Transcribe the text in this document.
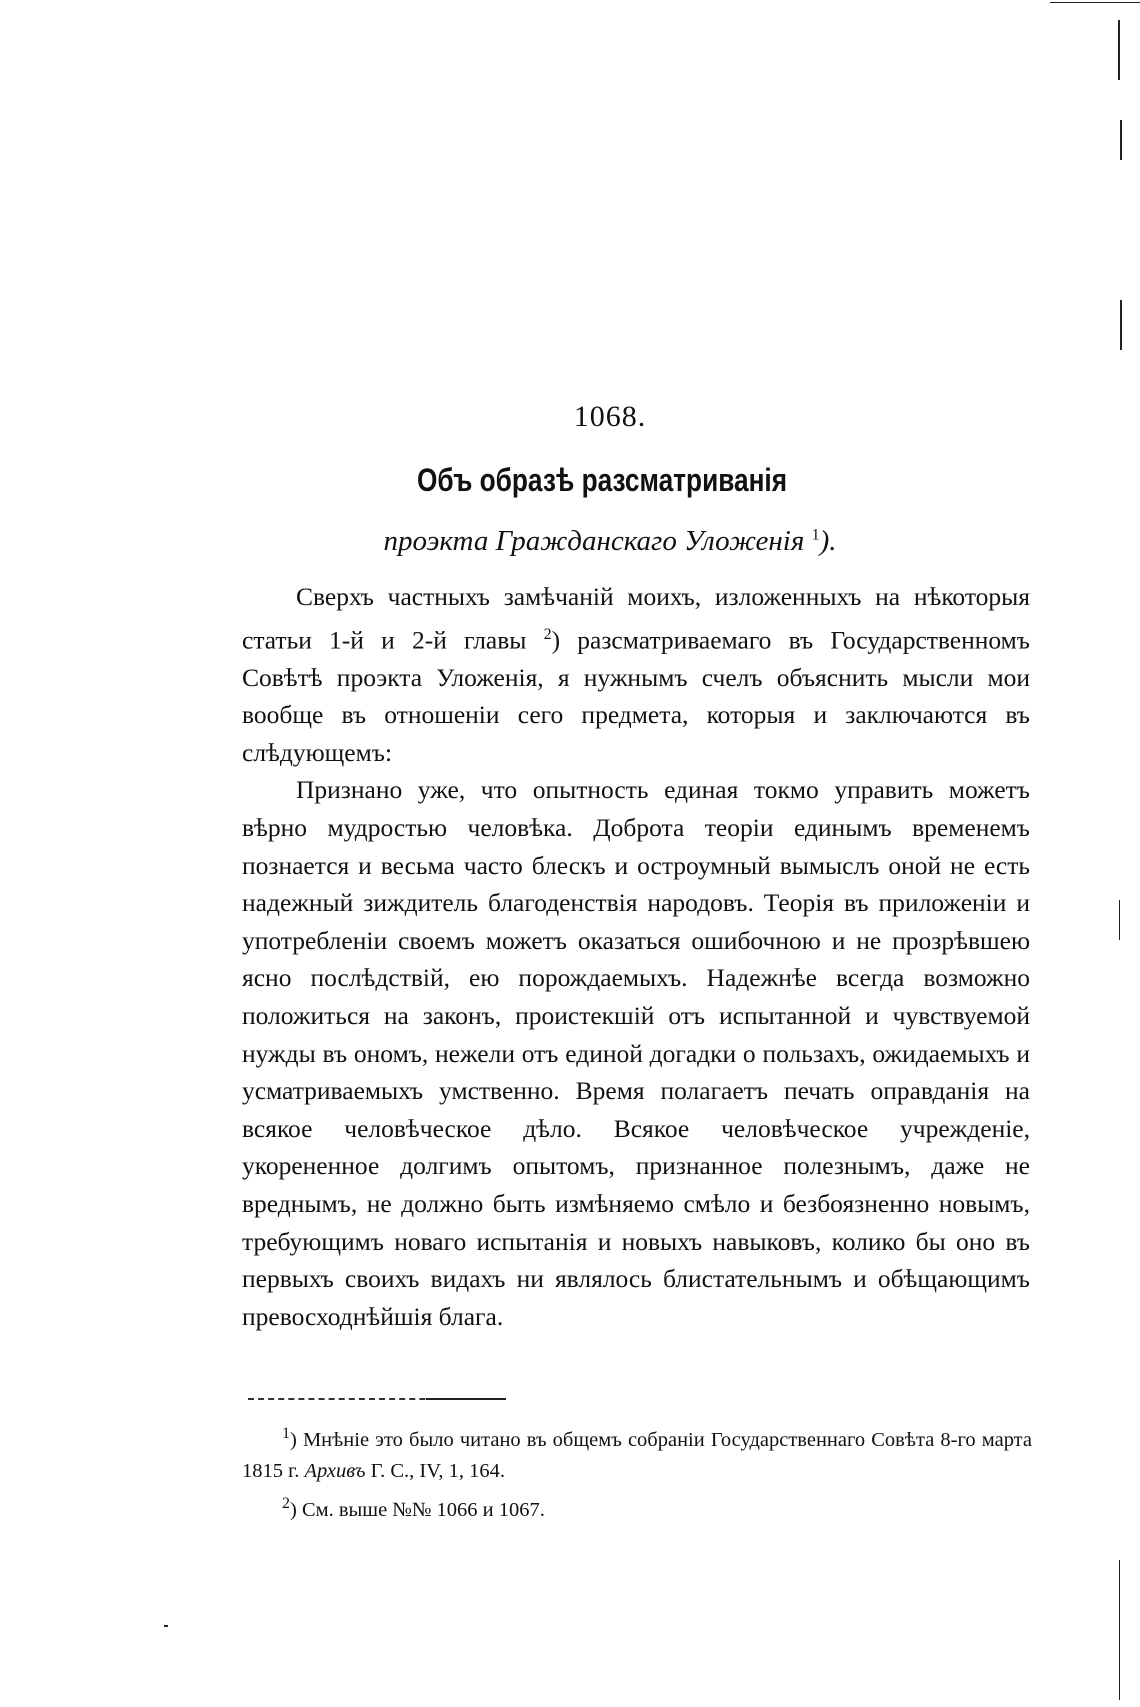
1068.
Объ образѣ разсматриванія
проэкта Гражданскаго Уложенія $^1$).

Сверхъ частныхъ замѣчаній моихъ, изложенныхъ на нѣкоторыя статьи 1-й и 2-й главы $^2$) разсматриваемаго въ Государственномъ Совѣтѣ проэкта Уложенія, я нужнымъ счелъ объяснить мысли мои вообще въ отношеніи сего предмета, которыя и заключаются въ слѣдующемъ:

Признано уже, что опытность единая токмо управить можетъ вѣрно мудростью человѣка. Доброта теоріи единымъ временемъ познается и весьма часто блескъ и остроумный вымыслъ оной не есть надежный зиждитель благоденствія народовъ. Теорія въ приложеніи и употребленіи своемъ можетъ оказаться ошибочною и не прозрѣвшею ясно послѣдствій, ею порождаемыхъ. Надежнѣе всегда возможно положиться на законъ, проистекшій отъ испытанной и чувствуемой нужды въ ономъ, нежели отъ единой догадки о пользахъ, ожидаемыхъ и усматриваемыхъ умственно. Время полагаетъ печать оправданія на всякое человѣческое дѣло. Всякое человѣческое учрежденіе, укорененное долгимъ опытомъ, признанное полезнымъ, даже не вреднымъ, не должно быть измѣняемо смѣло и безбоязненно новымъ, требующимъ новаго испытанія и новыхъ навыковъ, колико бы оно въ первыхъ своихъ видахъ ни являлось блистательнымъ и обѣщающимъ превосходнѣйшія блага.

$^1$) Мнѣніе это было читано въ общемъ собраніи Государственнаго Совѣта 8-го марта 1815 г. Архивъ Г. С., IV, 1, 164.

$^2$) См. выше №№ 1066 и 1067.
